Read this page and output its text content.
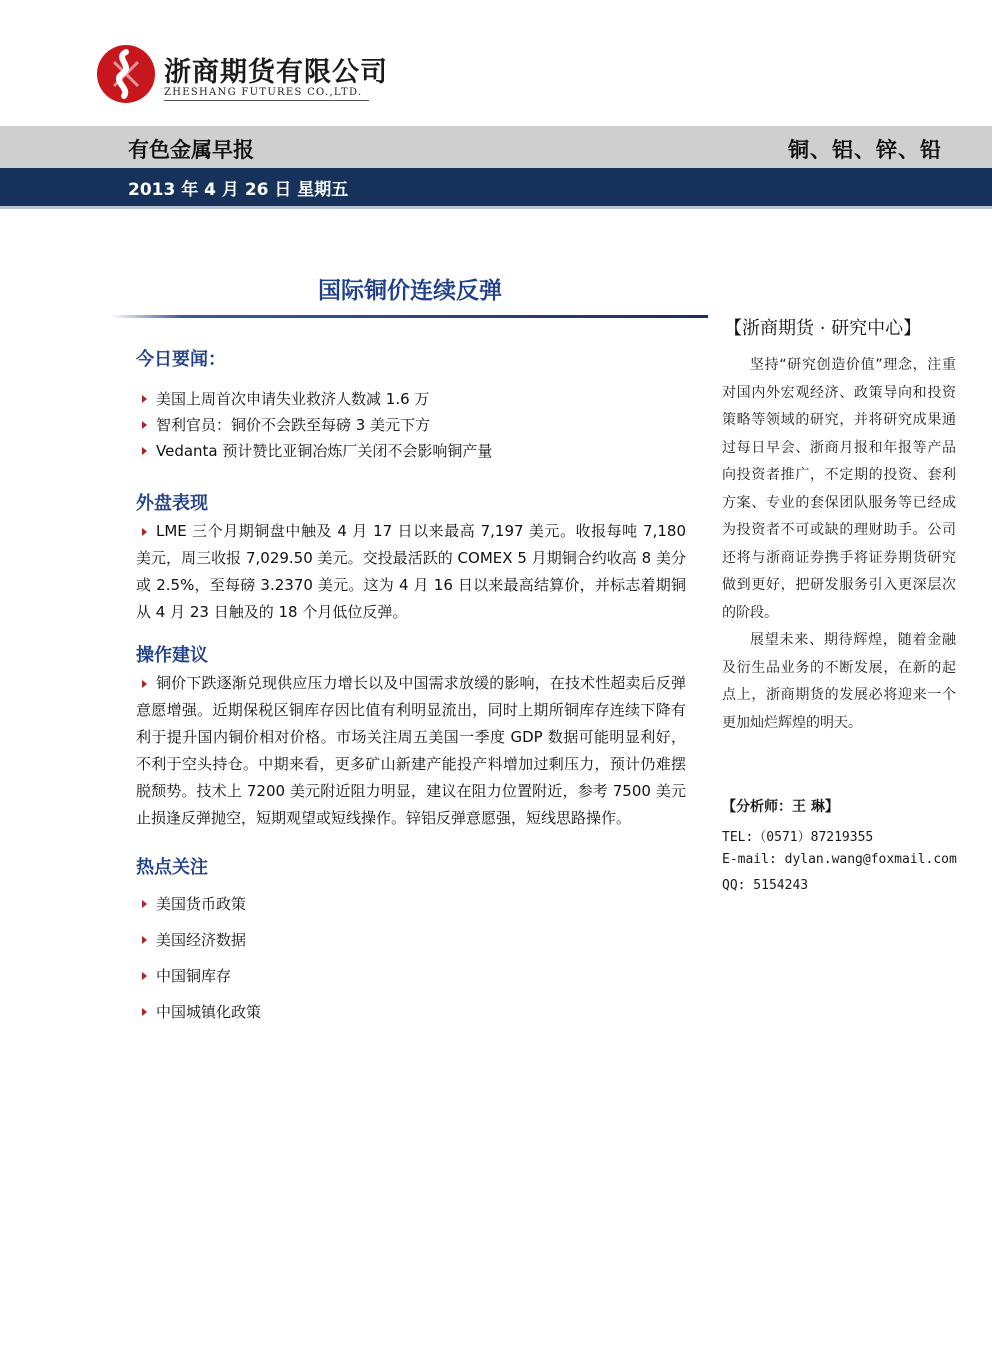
浙商期货有限公司
ZHESHANG FUTURES CO.,LTD.
有色金属早报	铜、铝、锌、铅
2013 年 4 月 26 日 星期五
国际铜价连续反弹
今日要闻：
美国上周首次申请失业救济人数减 1.6 万
智利官员：铜价不会跌至每磅 3 美元下方
Vedanta 预计赞比亚铜冶炼厂关闭不会影响铜产量
外盘表现

LME 三个月期铜盘中触及 4 月 17 日以来最高 7,197 美元。收报每吨 7,180 美元，周三收报 7,029.50 美元。交投最活跃的 COMEX 5 月期铜合约收高 8 美分或 2.5%，至每磅 3.2370 美元。这为 4 月 16 日以来最高结算价，并标志着期铜从 4 月 23 日触及的 18 个月低位反弹。

操作建议

铜价下跌逐渐兑现供应压力增长以及中国需求放缓的影响，在技术性超卖后反弹意愿增强。近期保税区铜库存因比值有利明显流出，同时上期所铜库存连续下降有利于提升国内铜价相对价格。市场关注周五美国一季度 GDP 数据可能明显利好，不利于空头持仓。中期来看，更多矿山新建产能投产料增加过剩压力，预计仍难摆脱颓势。技术上 7200 美元附近阻力明显，建议在阻力位置附近，参考 7500 美元止损逢反弹抛空，短期观望或短线操作。锌铝反弹意愿强，短线思路操作。

热点关注
美国货币政策
美国经济数据
中国铜库存
中国城镇化政策
【浙商期货 · 研究中心】

坚持“研究创造价值”理念，注重对国内外宏观经济、政策导向和投资策略等领域的研究，并将研究成果通过每日早会、浙商月报和年报等产品向投资者推广，不定期的投资、套利方案、专业的套保团队服务等已经成为投资者不可或缺的理财助手。公司还将与浙商证券携手将证券期货研究做到更好，把研发服务引入更深层次的阶段。

展望未来、期待辉煌，随着金融及衍生品业务的不断发展，在新的起点上，浙商期货的发展必将迎来一个更加灿烂辉煌的明天。

【分析师：王 琳】
TEL:（0571）87219355
E-mail: dylan.wang@foxmail.com
QQ: 5154243
